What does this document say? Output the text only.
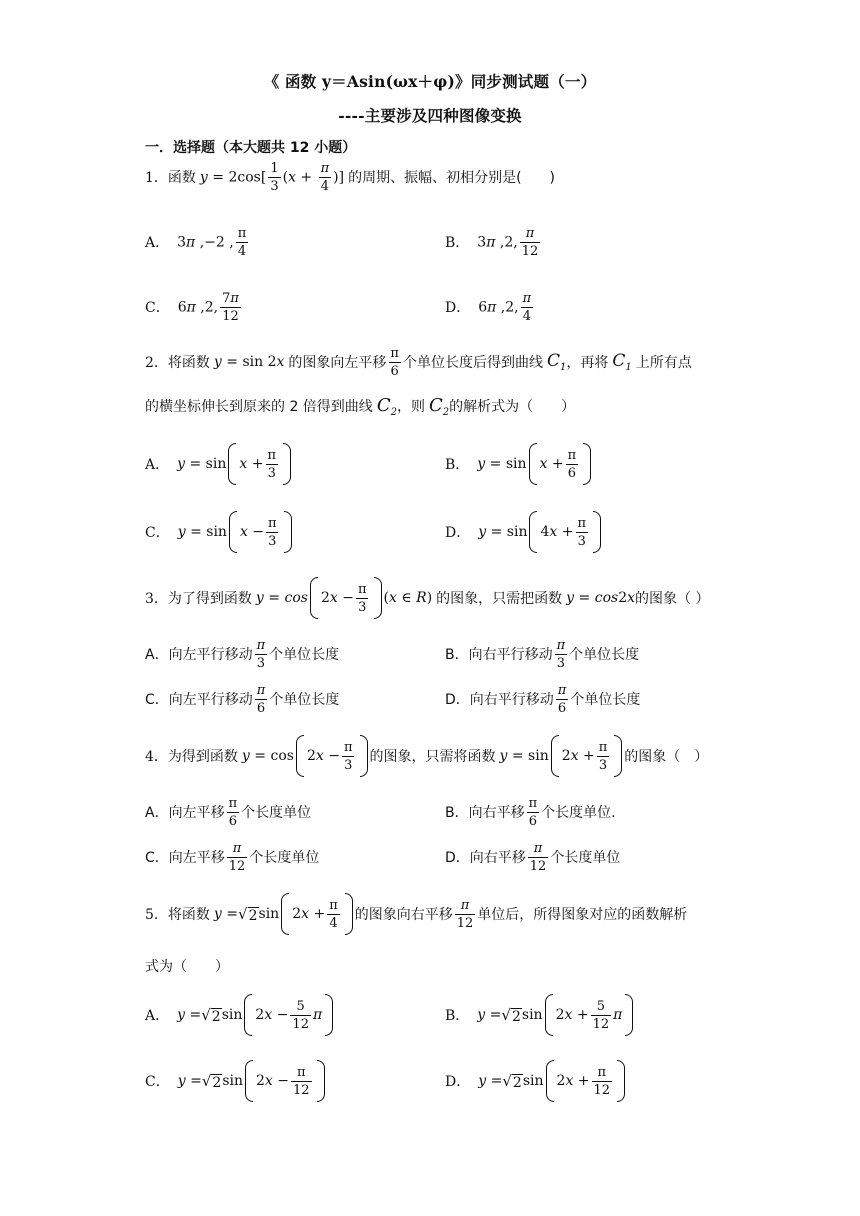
《 函数 y＝Asin(ωx＋φ)》同步测试题（一）
----主要涉及四种图像变换
一．选择题（本大题共 12 小题）
1． 函数 $y = 2\cos[ \frac{1}{3} (x + \frac{\pi}{4}$ )] 的周期、振幅、初相分别是(　　)
A． 3π ,−2 , $\frac{\pi}{4}$	B． 3π ,2, $\frac{\pi}{12}$
C． 6π ,2, $\frac{7\pi}{12}$	D． 6π ,2, $\frac{\pi}{4}$
2． 将函数 y = sin 2x 的图象向左平移 $\frac{\pi}{6}$ 个单位长度后得到曲线 $C_1$ ，再将 $C_1$ 上所有点
的横坐标伸长到原来的 2 倍得到曲线 $C_2$ ，则 $C_2$ 的解析式为（　　）
A． $y = \sin x + \frac{\pi}{3}$	B． $y = \sin x + \frac{\pi}{6}$
C． $y = \sin x - \frac{\pi}{3}$	D． $y = \sin 4x + \frac{\pi}{3}$
3． 为了得到函数 $y = \cos 2x - \frac{\pi}{3} (x$ ∈ R) 的图象，只需把函数 y = cos2x 的图象（ ）
A． 向左平行移动 $\frac{\pi}{3}$ 个单位长度	B． 向右平行移动 $\frac{\pi}{3}$ 个单位长度
C． 向左平行移动 $\frac{\pi}{6}$ 个单位长度	D． 向右平行移动 $\frac{\pi}{6}$ 个单位长度
4． 为得到函数 $y = \cos 2x - \frac{\pi}{3}$ 的图象，只需将函数 $y = \sin 2x + \frac{\pi}{3}$ 的图象（　）
A． 向左平移 $\frac{\pi}{6}$ 个长度单位	B． 向右平移 $\frac{\pi}{6}$ 个长度单位.
C． 向左平移 $\frac{\pi}{12}$ 个长度单位	D． 向右平移 $\frac{\pi}{12}$ 个长度单位
5． 将函数 y = √ 2 $\sin 2x + \frac{\pi}{4}$ 的图象向右平移 $\frac{\pi}{12}$ 单位后，所得图象对应的函数解析
式为（　　）
A． y = √ 2 $\sin 2x - \frac{5}{12}$ π	B． y = √ 2 $\sin 2x + \frac{5}{12}$ π
C． y = √ 2 $\sin 2x - \frac{\pi}{12}$	D． y = √ 2 $\sin 2x + \frac{\pi}{12}$
